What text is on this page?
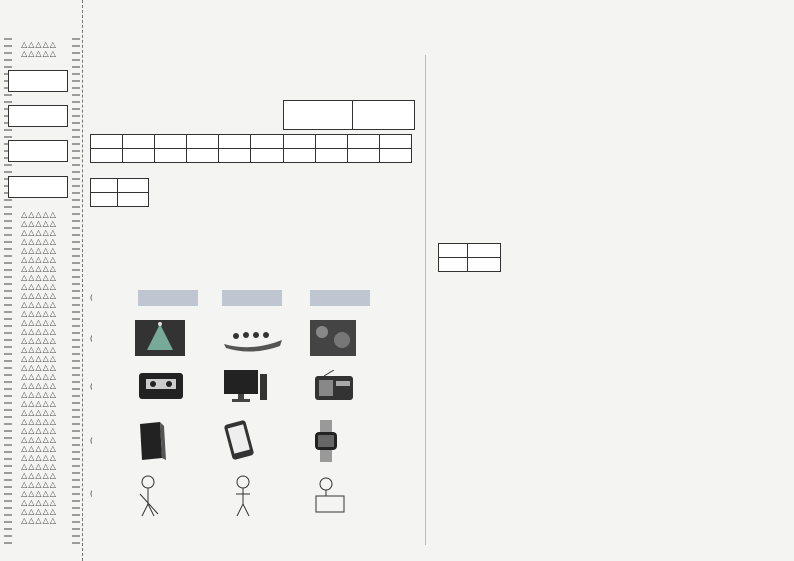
△△△△△
△△△△△
△△△△△
△△△△△
△△△△△
△△△△△
△△△△△
△△△△△
△△△△△
△△△△△
△△△△△
△△△△△
△△△△△
△△△△△
△△△△△
△△△△△
△△△△△
△△△△△
△△△△△
△△△△△
△△△△△
△△△△△
△△△△△
△△△△△
△△△△△
△△△△△
△△△△△
△△△△△
△△△△△
△△△△△
△△△△△
△△△△△
△△△△△
△△△△△
△△△△△
△△△△△
△△△△△

(
(
(
(
(
